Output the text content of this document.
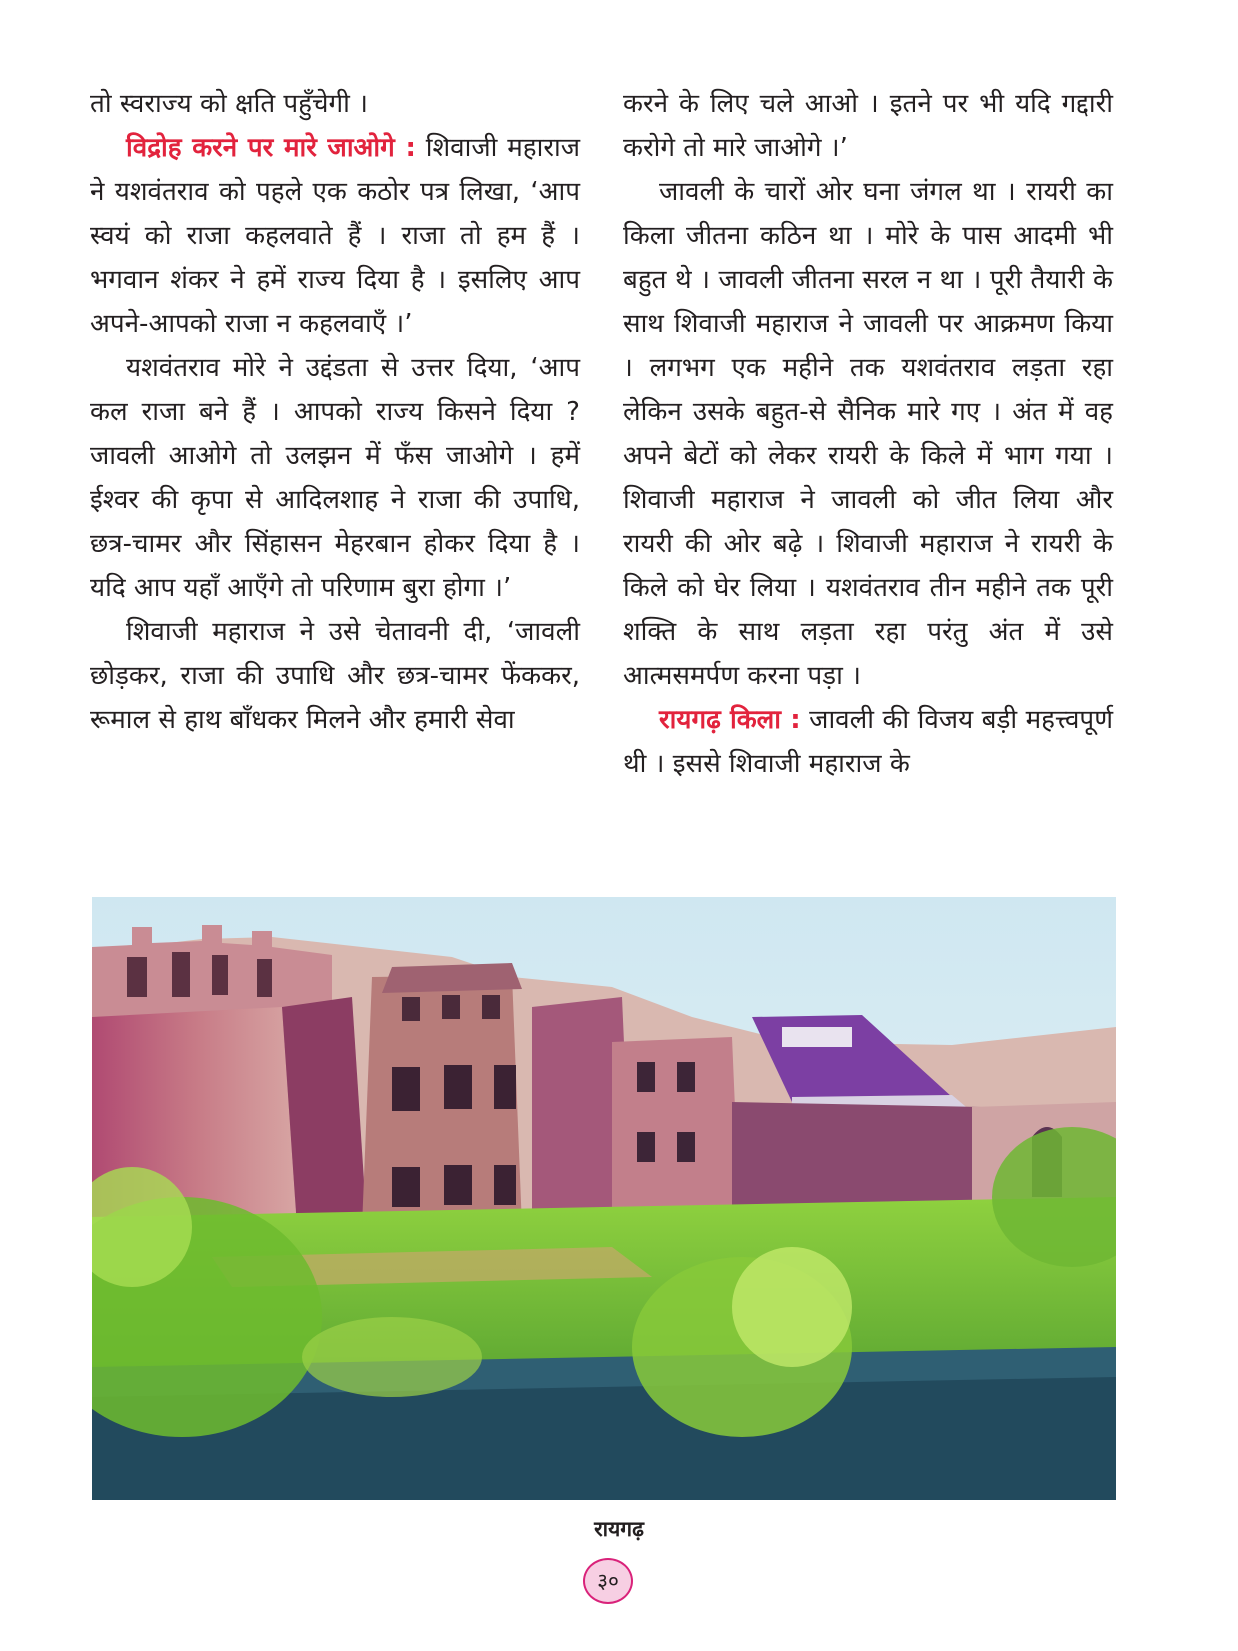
तो स्वराज्य को क्षति पहुँचेगी ।

विद्रोह करने पर मारे जाओगे : शिवाजी महाराज ने यशवंतराव को पहले एक कठोर पत्र लिखा, ‘आप स्वयं को राजा कहलवाते हैं । राजा तो हम हैं । भगवान शंकर ने हमें राज्य दिया है । इसलिए आप अपने-आपको राजा न कहलवाएँ ।’

यशवंतराव मोरे ने उद्दंडता से उत्तर दिया, ‘आप कल राजा बने हैं । आपको राज्य किसने दिया ? जावली आओगे तो उलझन में फँस जाओगे । हमें ईश्वर की कृपा से आदिलशाह ने राजा की उपाधि, छत्र-चामर और सिंहासन मेहरबान होकर दिया है । यदि आप यहाँ आएँगे तो परिणाम बुरा होगा ।’

शिवाजी महाराज ने उसे चेतावनी दी, ‘जावली छोड़कर, राजा की उपाधि और छत्र-चामर फेंककर, रूमाल से हाथ बाँधकर मिलने और हमारी सेवा

करने के लिए चले आओ । इतने पर भी यदि गद्दारी करोगे तो मारे जाओगे ।’

जावली के चारों ओर घना जंगल था । रायरी का किला जीतना कठिन था । मोरे के पास आदमी भी बहुत थे । जावली जीतना सरल न था । पूरी तैयारी के साथ शिवाजी महाराज ने जावली पर आक्रमण किया । लगभग एक महीने तक यशवंतराव लड़ता रहा लेकिन उसके बहुत-से सैनिक मारे गए । अंत में वह अपने बेटों को लेकर रायरी के किले में भाग गया । शिवाजी महाराज ने जावली को जीत लिया और रायरी की ओर बढ़े । शिवाजी महाराज ने रायरी के किले को घेर लिया । यशवंतराव तीन महीने तक पूरी शक्ति के साथ लड़ता रहा परंतु अंत में उसे आत्मसमर्पण करना पड़ा ।

रायगढ़ किला : जावली की विजय बड़ी महत्त्वपूर्ण थी । इससे शिवाजी महाराज के

रायगढ़
३०
